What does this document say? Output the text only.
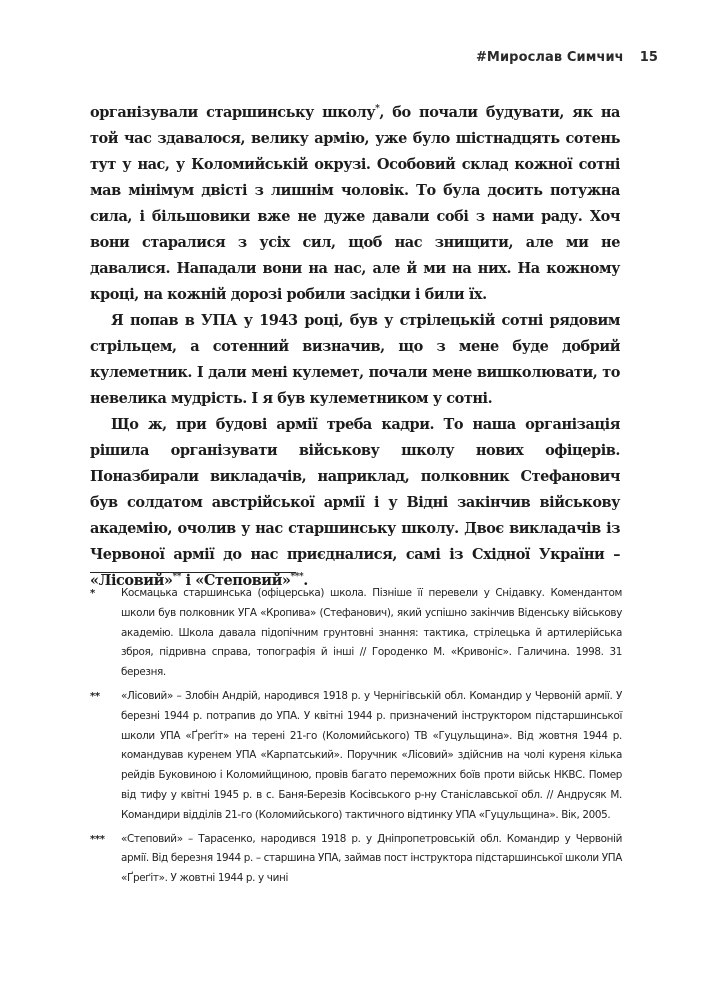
#Мирослав Симчич 15

організували старшинську школу*, бо почали будувати, як на той час здавалося, велику армію, уже було шістнадцять сотень тут у нас, у Коломийській окрузі. Особовий склад кожної сотні мав мінімум двісті з лишнім чоловік. То була досить потужна сила, і більшовики вже не дуже давали собі з нами раду. Хоч вони старалися з усіх сил, щоб нас знищити, але ми не давалися. Нападали вони на нас, але й ми на них. На кожному кроці, на кожній дорозі робили засідки і били їх.

Я попав в УПА у 1943 році, був у стрілецькій сотні рядовим стрільцем, а сотенний визначив, що з мене буде добрий кулеметник. І дали мені кулемет, почали мене вишколювати, то невелика мудрість. І я був кулеметником у сотні.

Що ж, при будові армії треба кадри. То наша організація рішила організувати військову школу нових офіцерів. Поназбирали викладачів, наприклад, полковник Стефанович був солдатом австрійської армії і у Відні закінчив військову академію, очолив у нас старшинську школу. Двоє викладачів із Червоної армії до нас приєдналися, самі із Східної України – «Лісовий»** і «Степовий»***.

*	Космацька старшинська (офіцерська) школа. Пізніше її перевели у Снідавку. Комендантом школи був полковник УГА «Кропива» (Стефанович), який успішно закінчив Віденську військову академію. Школа давала підопічним грунтовні знання: тактика, стрілецька й артилерійська зброя, підривна справа, топографія й інші // Городенко М. «Кривоніс». Галичина. 1998. 31 березня.
** «Лісовий» – Злобін Андрій, народився 1918 р. у Чернігівській обл. Командир у Червоній армії. У березні 1944 р. потрапив до УПА. У квітні 1944 р. призначений інструктором підстаршинської школи УПА «Ґреґіт» на терені 21-го (Коломийського) ТВ «Гуцульщина». Від жовтня 1944 р. командував куренем УПА «Карпатський». Поручник «Лісовий» здійснив на чолі куреня кілька рейдів Буковиною і Коломийщиною, провів багато переможних боїв проти військ НКВС. Помер від тифу у квітні 1945 р. в с. Баня-Березів Косівського р-ну Станіславської обл. // Андрусяк М. Командири відділів 21-го (Коломийського) тактичного відтинку УПА «Гуцульщина». Вік, 2005.
*** «Степовий» – Тарасенко, народився 1918 р. у Дніпропетровській обл. Командир у Червоній армії. Від березня 1944 р. – старшина УПА, займав пост інструктора підстаршинської школи УПА «Ґреґіт». У жовтні 1944 р. у чині
